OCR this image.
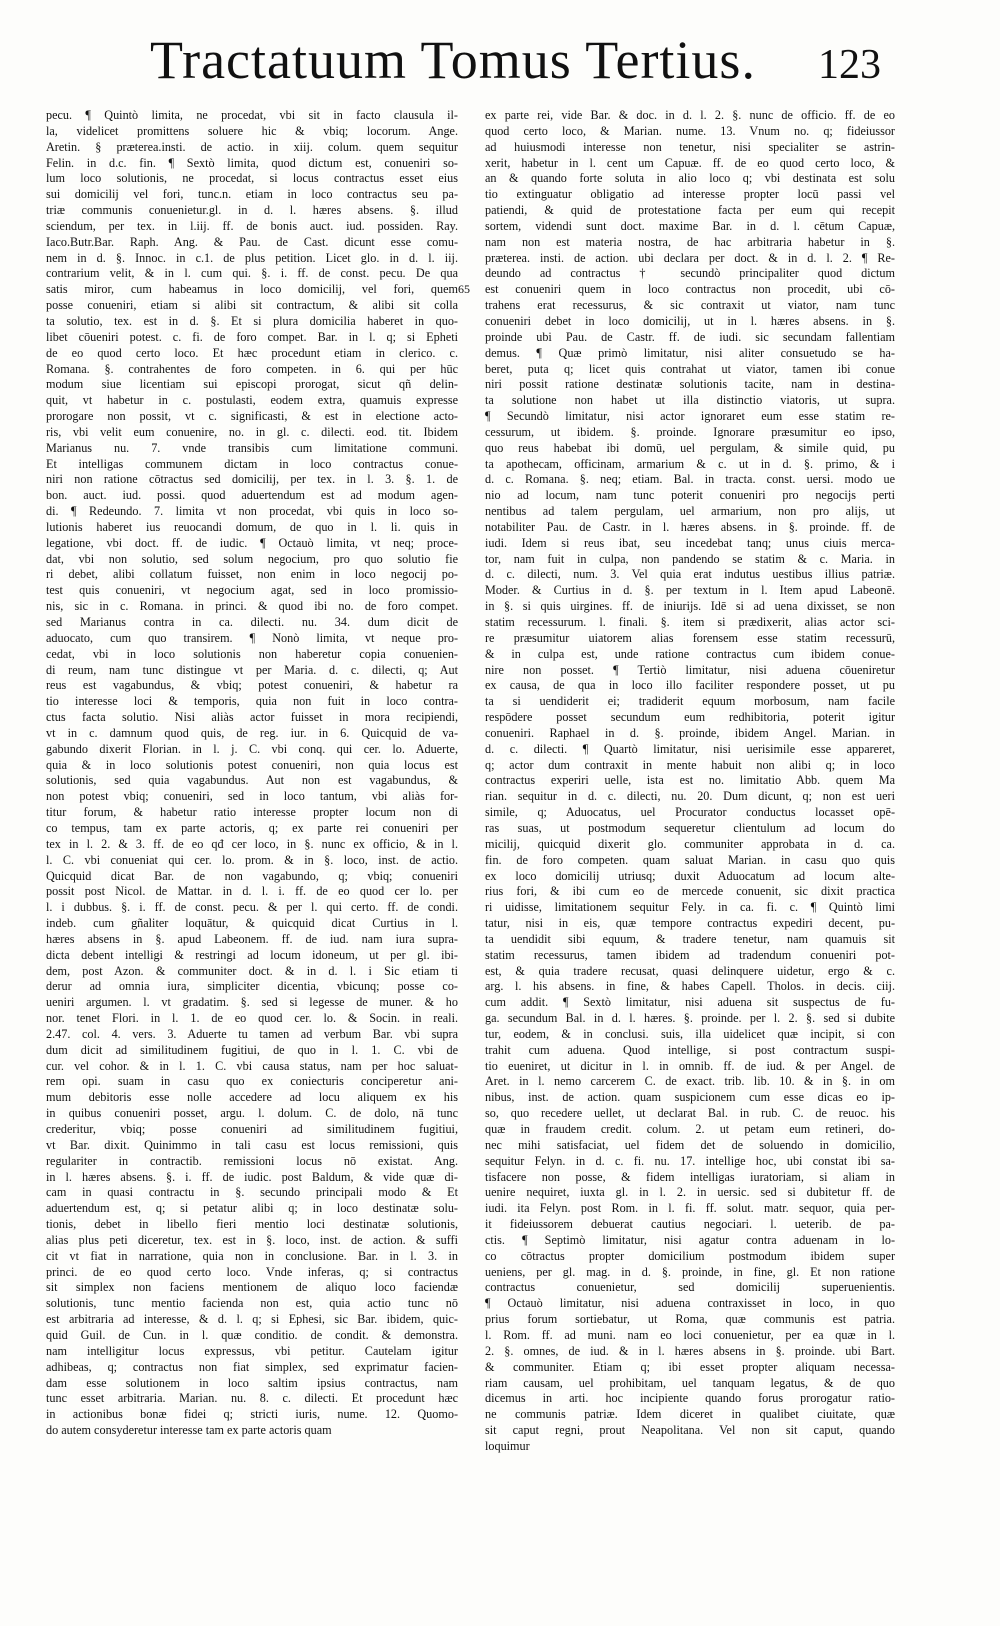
Tractatuum Tomus Tertius. 123
pecu. ¶ Quintò limita, ne procedat, vbi sit in facto clausula il-
la, videlicet promittens soluere hic & vbiq; locorum. Ange.
Aretin. § præterea.insti. de actio. in xiij. colum. quem sequitur
Felin. in d.c. fin. ¶ Sextò limita, quod dictum est, conueniri so-
lum loco solutionis, ne procedat, si locus contractus esset eius
sui domicilij vel fori, tunc.n. etiam in loco contractus seu pa-
triæ communis conuenietur.gl. in d. l. hæres absens. §. illud
sciendum, per tex. in l.iij. ff. de bonis auct. iud. possiden. Ray.
Iaco.Butr.Bar. Raph. Ang. & Pau. de Cast. dicunt esse comu-
nem in d. §. Innoc. in c.1. de plus petition. Licet glo. in d. l. iij.
contrarium velit, & in l. cum qui. §. i. ff. de const. pecu. De qua
satis miror, cum habeamus in loco domicilij, vel fori, quem
posse conueniri, etiam si alibi sit contractum, & alibi sit colla
ta solutio, tex. est in d. §. Et si plura domicilia haberet in quo-
libet cōueniri potest. c. fi. de foro compet. Bar. in l. q; si Epheti
de eo quod certo loco. Et hæc procedunt etiam in clerico. c.
Romana. §. contrahentes de foro competen. in 6. qui per hūc
modum siue licentiam sui episcopi prorogat, sicut qñ delin-
quit, vt habetur in c. postulasti, eodem extra, quamuis expresse
prorogare non possit, vt c. significasti, & est in electione acto-
ris, vbi velit eum conuenire, no. in gl. c. dilecti. eod. tit. Ibidem
Marianus nu. 7. vnde transibis cum limitatione communi.
Et intelligas communem dictam in loco contractus conue-
niri non ratione cōtractus sed domicilij, per tex. in l. 3. §. 1. de
bon. auct. iud. possi. quod aduertendum est ad modum agen-
di. ¶ Redeundo. 7. limita vt non procedat, vbi quis in loco so-
lutionis haberet ius reuocandi domum, de quo in l. li. quis in
legatione, vbi doct. ff. de iudic. ¶ Octauò limita, vt neq; proce-
dat, vbi non solutio, sed solum negocium, pro quo solutio fie
ri debet, alibi collatum fuisset, non enim in loco negocij po-
test quis conueniri, vt negocium agat, sed in loco promissio-
nis, sic in c. Romana. in princi. & quod ibi no. de foro compet.
sed Marianus contra in ca. dilecti. nu. 34. dum dicit de
aduocato, cum quo transirem. ¶ Nonò limita, vt neque pro-
cedat, vbi in loco solutionis non haberetur copia conuenien-
di reum, nam tunc distingue vt per Maria. d. c. dilecti, q; Aut
reus est vagabundus, & vbiq; potest conueniri, & habetur ra
tio interesse loci & temporis, quia non fuit in loco contra-
ctus facta solutio. Nisi aliàs actor fuisset in mora recipiendi,
vt in c. damnum quod quis, de reg. iur. in 6. Quicquid de va-
gabundo dixerit Florian. in l. j. C. vbi conq. qui cer. lo. Aduerte,
quia & in loco solutionis potest conueniri, non quia locus est
solutionis, sed quia vagabundus. Aut non est vagabundus, &
non potest vbiq; conueniri, sed in loco tantum, vbi aliàs for-
titur forum, & habetur ratio interesse propter locum non di
co tempus, tam ex parte actoris, q; ex parte rei conueniri per
tex in l. 2. & 3. ff. de eo qđ cer loco, in §. nunc ex officio, & in l.
l. C. vbi conueniat qui cer. lo. prom. & in §. loco, inst. de actio.
Quicquid dicat Bar. de non vagabundo, q; vbiq; conueniri
possit post Nicol. de Mattar. in d. l. i. ff. de eo quod cer lo. per
l. i dubbus. §. i. ff. de const. pecu. & per l. qui certo. ff. de condi.
indeb. cum gñaliter loquātur, & quicquid dicat Curtius in l.
hæres absens in §. apud Labeonem. ff. de iud. nam iura supra-
dicta debent intelligi & restringi ad locum idoneum, ut per gl. ibi-
dem, post Azon. & communiter doct. & in d. l. i Sic etiam ti
derur ad omnia iura, simpliciter dicentia, vbicunq; posse co-
ueniri argumen. l. vt gradatim. §. sed si legesse de muner. & ho
nor. tenet Flori. in l. 1. de eo quod cer. lo. & Socin. in reali.
2.47. col. 4. vers. 3. Aduerte tu tamen ad verbum Bar. vbi supra
dum dicit ad similitudinem fugitiui, de quo in l. 1. C. vbi de
cur. vel cohor. & in l. 1. C. vbi causa status, nam per hoc saluat-
rem opi. suam in casu quo ex coniecturis conciperetur ani-
mum debitoris esse nolle accedere ad locu aliquem ex his
in quibus conueniri posset, argu. l. dolum. C. de dolo, nā tunc
crederitur, vbiq; posse conueniri ad similitudinem fugitiui,
vt Bar. dixit. Quinimmo in tali casu est locus remissioni, quis
regulariter in contractib. remissioni locus nō existat. Ang.
in l. hæres absens. §. i. ff. de iudic. post Baldum, & vide quæ di-
cam in quasi contractu in §. secundo principali modo & Et
aduertendum est, q; si petatur alibi q; in loco destinatæ solu-
tionis, debet in libello fieri mentio loci destinatæ solutionis,
alias plus peti diceretur, tex. est in §. loco, inst. de action. & suffi
cit vt fiat in narratione, quia non in conclusione. Bar. in l. 3. in
princi. de eo quod certo loco. Vnde inferas, q; si contractus
sit simplex non faciens mentionem de aliquo loco faciendæ
solutionis, tunc mentio facienda non est, quia actio tunc nō
est arbitraria ad interesse, & d. l. q; si Ephesi, sic Bar. ibidem, quic-
quid Guil. de Cun. in l. quæ conditio. de condit. & demonstra.
nam intelligitur locus expressus, vbi petitur. Cautelam igitur
adhibeas, q; contractus non fiat simplex, sed exprimatur facien-
dam esse solutionem in loco saltim ipsius contractus, nam
tunc esset arbitraria. Marian. nu. 8. c. dilecti. Et procedunt hæc
in actionibus bonæ fidei q; stricti iuris, nume. 12. Quomo-
do autem consyderetur interesse tam ex parte actoris quam
65
ex parte rei, vide Bar. & doc. in d. l. 2. §. nunc de officio. ff. de eo
quod certo loco, & Marian. nume. 13. Vnum no. q; fideiussor
ad huiusmodi interesse non tenetur, nisi specialiter se astrin-
xerit, habetur in l. cent um Capuæ. ff. de eo quod certo loco, &
an & quando forte soluta in alio loco q; vbi destinata est solu
tio extinguatur obligatio ad interesse propter locū passi vel
patiendi, & quid de protestatione facta per eum qui recepit
sortem, videndi sunt doct. maxime Bar. in d. l. cētum Capuæ,
nam non est materia nostra, de hac arbitraria habetur in §.
præterea. insti. de action. ubi declara per doct. & in d. l. 2. ¶ Re-
deundo ad contractus † secundò principaliter quod dictum
est conueniri quem in loco contractus non procedit, ubi cō-
trahens erat recessurus, & sic contraxit ut viator, nam tunc
conueniri debet in loco domicilij, ut in l. hæres absens. in §.
proinde ubi Pau. de Castr. ff. de iudi. sic secundam fallentiam
demus. ¶ Quæ primò limitatur, nisi aliter consuetudo se ha-
beret, puta q; licet quis contrahat ut viator, tamen ibi conue
niri possit ratione destinatæ solutionis tacite, nam in destina-
ta solutione non habet ut illa distinctio viatoris, ut supra.
¶ Secundò limitatur, nisi actor ignoraret eum esse statim re-
cessurum, ut ibidem. §. proinde. Ignorare præsumitur eo ipso,
quo reus habebat ibi domū, uel pergulam, & simile quid, pu
ta apothecam, officinam, armarium & c. ut in d. §. primo, & i
d. c. Romana. §. neq; etiam. Bal. in tracta. const. uersi. modo ue
nio ad locum, nam tunc poterit conueniri pro negocijs perti
nentibus ad talem pergulam, uel armarium, non pro alijs, ut
notabiliter Pau. de Castr. in l. hæres absens. in §. proinde. ff. de
iudi. Idem si reus ibat, seu incedebat tanq; unus ciuis merca-
tor, nam fuit in culpa, non pandendo se statim & c. Maria. in
d. c. dilecti, num. 3. Vel quia erat indutus uestibus illius patriæ.
Moder. & Curtius in d. §. per textum in l. Item apud Labeonē.
in §. si quis uirgines. ff. de iniurijs. Idē si ad uena dixisset, se non
statim recessurum. l. finali. §. item si prædixerit, alias actor sci-
re præsumitur uiatorem alias forensem esse statim recessurū,
& in culpa est, unde ratione contractus cum ibidem conue-
nire non posset. ¶ Tertiò limitatur, nisi aduena cōueniretur
ex causa, de qua in loco illo faciliter respondere posset, ut pu
ta si uendiderit ei; tradiderit equum morbosum, nam facile
respōdere posset secundum eum redhibitoria, poterit igitur
conueniri. Raphael in d. §. proinde, ibidem Angel. Marian. in
d. c. dilecti. ¶ Quartò limitatur, nisi uerisimile esse appareret,
q; actor dum contraxit in mente habuit non alibi q; in loco
contractus experiri uelle, ista est no. limitatio Abb. quem Ma
rian. sequitur in d. c. dilecti, nu. 20. Dum dicunt, q; non est ueri
simile, q; Aduocatus, uel Procurator conductus locasset opē-
ras suas, ut postmodum sequeretur clientulum ad locum do
micilij, quicquid dixerit glo. communiter approbata in d. ca.
fin. de foro competen. quam saluat Marian. in casu quo quis
ex loco domicilij utriusq; duxit Aduocatum ad locum alte-
rius fori, & ibi cum eo de mercede conuenit, sic dixit practica
ri uidisse, limitationem sequitur Fely. in ca. fi. c. ¶ Quintò limi
tatur, nisi in eis, quæ tempore contractus expediri decent, pu-
ta uendidit sibi equum, & tradere tenetur, nam quamuis sit
statim recessurus, tamen ibidem ad tradendum conueniri pot-
est, & quia tradere recusat, quasi delinquere uidetur, ergo & c.
arg. l. his absens. in fine, & habes Capell. Tholos. in decis. ciij.
cum addit. ¶ Sextò limitatur, nisi aduena sit suspectus de fu-
ga. secundum Bal. in d. l. hæres. §. proinde. per l. 2. §. sed si dubite
tur, eodem, & in conclusi. suis, illa uidelicet quæ incipit, si con
trahit cum aduena. Quod intellige, si post contractum suspi-
tio eueniret, ut dicitur in l. in omnib. ff. de iud. & per Angel. de
Aret. in l. nemo carcerem C. de exact. trib. lib. 10. & in §. in om
nibus, inst. de action. quam suspicionem cum esse dicas eo ip-
so, quo recedere uellet, ut declarat Bal. in rub. C. de reuoc. his
quæ in fraudem credit. colum. 2. ut petam eum retineri, do-
nec mihi satisfaciat, uel fidem det de soluendo in domicilio,
sequitur Felyn. in d. c. fi. nu. 17. intellige hoc, ubi constat ibi sa-
tisfacere non posse, & fidem intelligas iuratoriam, si aliam in
uenire nequiret, iuxta gl. in l. 2. in uersic. sed si dubitetur ff. de
iudi. ita Felyn. post Rom. in l. fi. ff. solut. matr. sequor, quia per-
it fideiussorem debuerat cautius negociari. l. ueterib. de pa-
ctis. ¶ Septimò limitatur, nisi agatur contra aduenam in lo-
co cōtractus propter domicilium postmodum ibidem super
ueniens, per gl. mag. in d. §. proinde, in fine, gl. Et non ratione
contractus conuenietur, sed domicilij superuenientis.
¶ Octauò limitatur, nisi aduena contraxisset in loco, in quo
prius forum sortiebatur, ut Roma, quæ communis est patria.
l. Rom. ff. ad muni. nam eo loci conuenietur, per ea quæ in l.
2. §. omnes, de iud. & in l. hæres absens in §. proinde. ubi Bart.
& communiter. Etiam q; ibi esset propter aliquam necessa-
riam causam, uel prohibitam, uel tanquam legatus, & de quo
dicemus in arti. hoc incipiente quando forus prorogatur ratio-
ne communis patriæ. Idem diceret in qualibet ciuitate, quæ
sit caput regni, prout Neapolitana. Vel non sit caput, quando
loquimur
